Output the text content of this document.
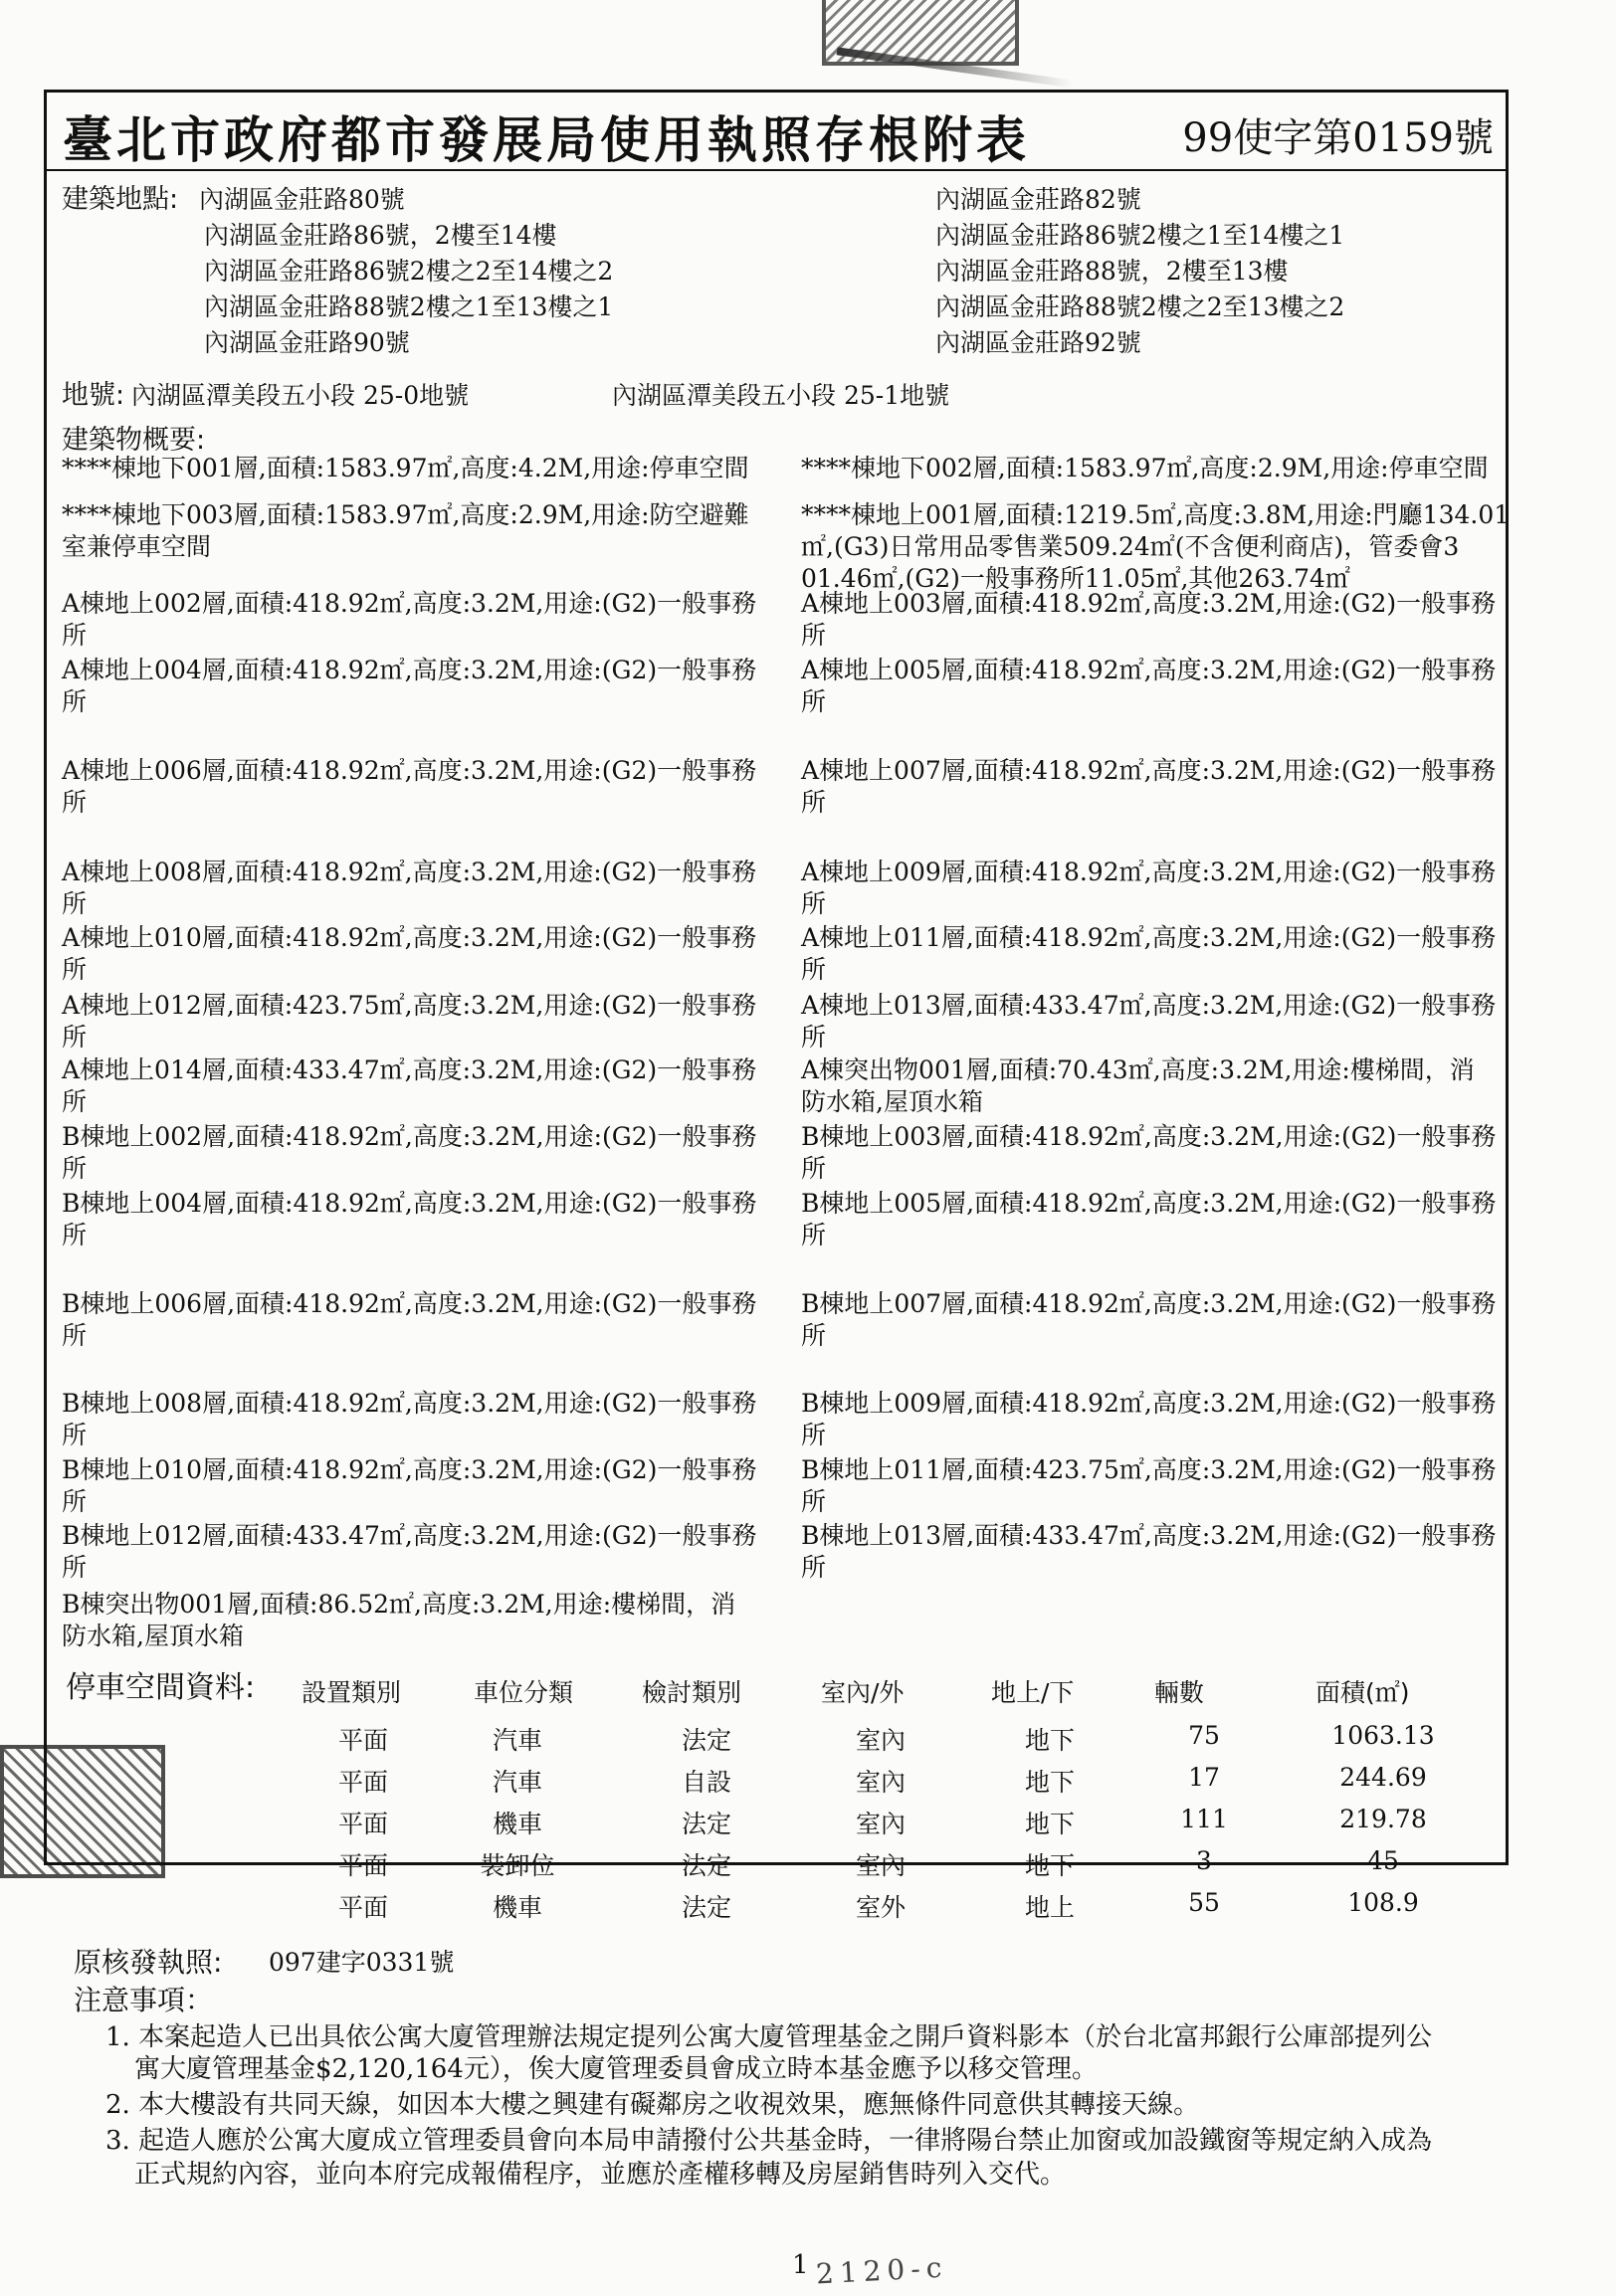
臺北市政府都市發展局使用執照存根附表	99使字第0159號
建築地點: 內湖區金莊路80號
內湖區金莊路86號，2樓至14樓
內湖區金莊路86號2樓之2至14樓之2
內湖區金莊路88號2樓之1至13樓之1
內湖區金莊路90號
內湖區金莊路82號
內湖區金莊路86號2樓之1至14樓之1
內湖區金莊路88號，2樓至13樓
內湖區金莊路88號2樓之2至13樓之2
內湖區金莊路92號
地號: 內湖區潭美段五小段 25-0地號	內湖區潭美段五小段 25-1地號
建築物概要:
****棟地下001層,面積:1583.97㎡,高度:4.2M,用途:停車空間 ****棟地下002層,面積:1583.97㎡,高度:2.9M,用途:停車空間
****棟地下003層,面積:1583.97㎡,高度:2.9M,用途:防空避難
室兼停車空間
****棟地上001層,面積:1219.5㎡,高度:3.8M,用途:門廳134.01
㎡,(G3)日常用品零售業509.24㎡(不含便利商店)，管委會3
01.46㎡,(G2)一般事務所11.05㎡,其他263.74㎡
A棟地上002層,面積:418.92㎡,高度:3.2M,用途:(G2)一般事務
所
A棟地上003層,面積:418.92㎡,高度:3.2M,用途:(G2)一般事務
所
A棟地上004層,面積:418.92㎡,高度:3.2M,用途:(G2)一般事務
所
A棟地上005層,面積:418.92㎡,高度:3.2M,用途:(G2)一般事務
所
A棟地上006層,面積:418.92㎡,高度:3.2M,用途:(G2)一般事務
所
A棟地上007層,面積:418.92㎡,高度:3.2M,用途:(G2)一般事務
所
A棟地上008層,面積:418.92㎡,高度:3.2M,用途:(G2)一般事務
所
A棟地上009層,面積:418.92㎡,高度:3.2M,用途:(G2)一般事務
所
A棟地上010層,面積:418.92㎡,高度:3.2M,用途:(G2)一般事務
所
A棟地上011層,面積:418.92㎡,高度:3.2M,用途:(G2)一般事務
所
A棟地上012層,面積:423.75㎡,高度:3.2M,用途:(G2)一般事務
所
A棟地上013層,面積:433.47㎡,高度:3.2M,用途:(G2)一般事務
所
A棟地上014層,面積:433.47㎡,高度:3.2M,用途:(G2)一般事務
所
A棟突出物001層,面積:70.43㎡,高度:3.2M,用途:樓梯間，消
防水箱,屋頂水箱
B棟地上002層,面積:418.92㎡,高度:3.2M,用途:(G2)一般事務
所
B棟地上003層,面積:418.92㎡,高度:3.2M,用途:(G2)一般事務
所
B棟地上004層,面積:418.92㎡,高度:3.2M,用途:(G2)一般事務
所
B棟地上005層,面積:418.92㎡,高度:3.2M,用途:(G2)一般事務
所
B棟地上006層,面積:418.92㎡,高度:3.2M,用途:(G2)一般事務
所
B棟地上007層,面積:418.92㎡,高度:3.2M,用途:(G2)一般事務
所
B棟地上008層,面積:418.92㎡,高度:3.2M,用途:(G2)一般事務
所
B棟地上009層,面積:418.92㎡,高度:3.2M,用途:(G2)一般事務
所
B棟地上010層,面積:418.92㎡,高度:3.2M,用途:(G2)一般事務
所
B棟地上011層,面積:423.75㎡,高度:3.2M,用途:(G2)一般事務
所
B棟地上012層,面積:433.47㎡,高度:3.2M,用途:(G2)一般事務
所
B棟地上013層,面積:433.47㎡,高度:3.2M,用途:(G2)一般事務
所
B棟突出物001層,面積:86.52㎡,高度:3.2M,用途:樓梯間，消
防水箱,屋頂水箱
停車空間資料: 設置類別	車位分類	檢討類別	室內/外	地上/下	輛數	面積(㎡)
平面	汽車	法定	室內	地下	75	1063.13
平面	汽車	自設	室內	地下	17	244.69
平面	機車	法定	室內	地下	111	219.78
平面	裝卸位	法定	室內	地下	3	45
平面	機車	法定	室外	地上	55	108.9
原核發執照: 097建字0331號
注意事項：
1. 本案起造人已出具依公寓大廈管理辦法規定提列公寓大廈管理基金之開戶資料影本（於台北富邦銀行公庫部提列公
寓大廈管理基金$2,120,164元），俟大廈管理委員會成立時本基金應予以移交管理。
2. 本大樓設有共同天線，如因本大樓之興建有礙鄰房之收視效果，應無條件同意供其轉接天線。
3. 起造人應於公寓大廈成立管理委員會向本局申請撥付公共基金時，一律將陽台禁止加窗或加設鐵窗等規定納入成為
正式規約內容，並向本府完成報備程序，並應於產權移轉及房屋銷售時列入交代。
1 2120-c
